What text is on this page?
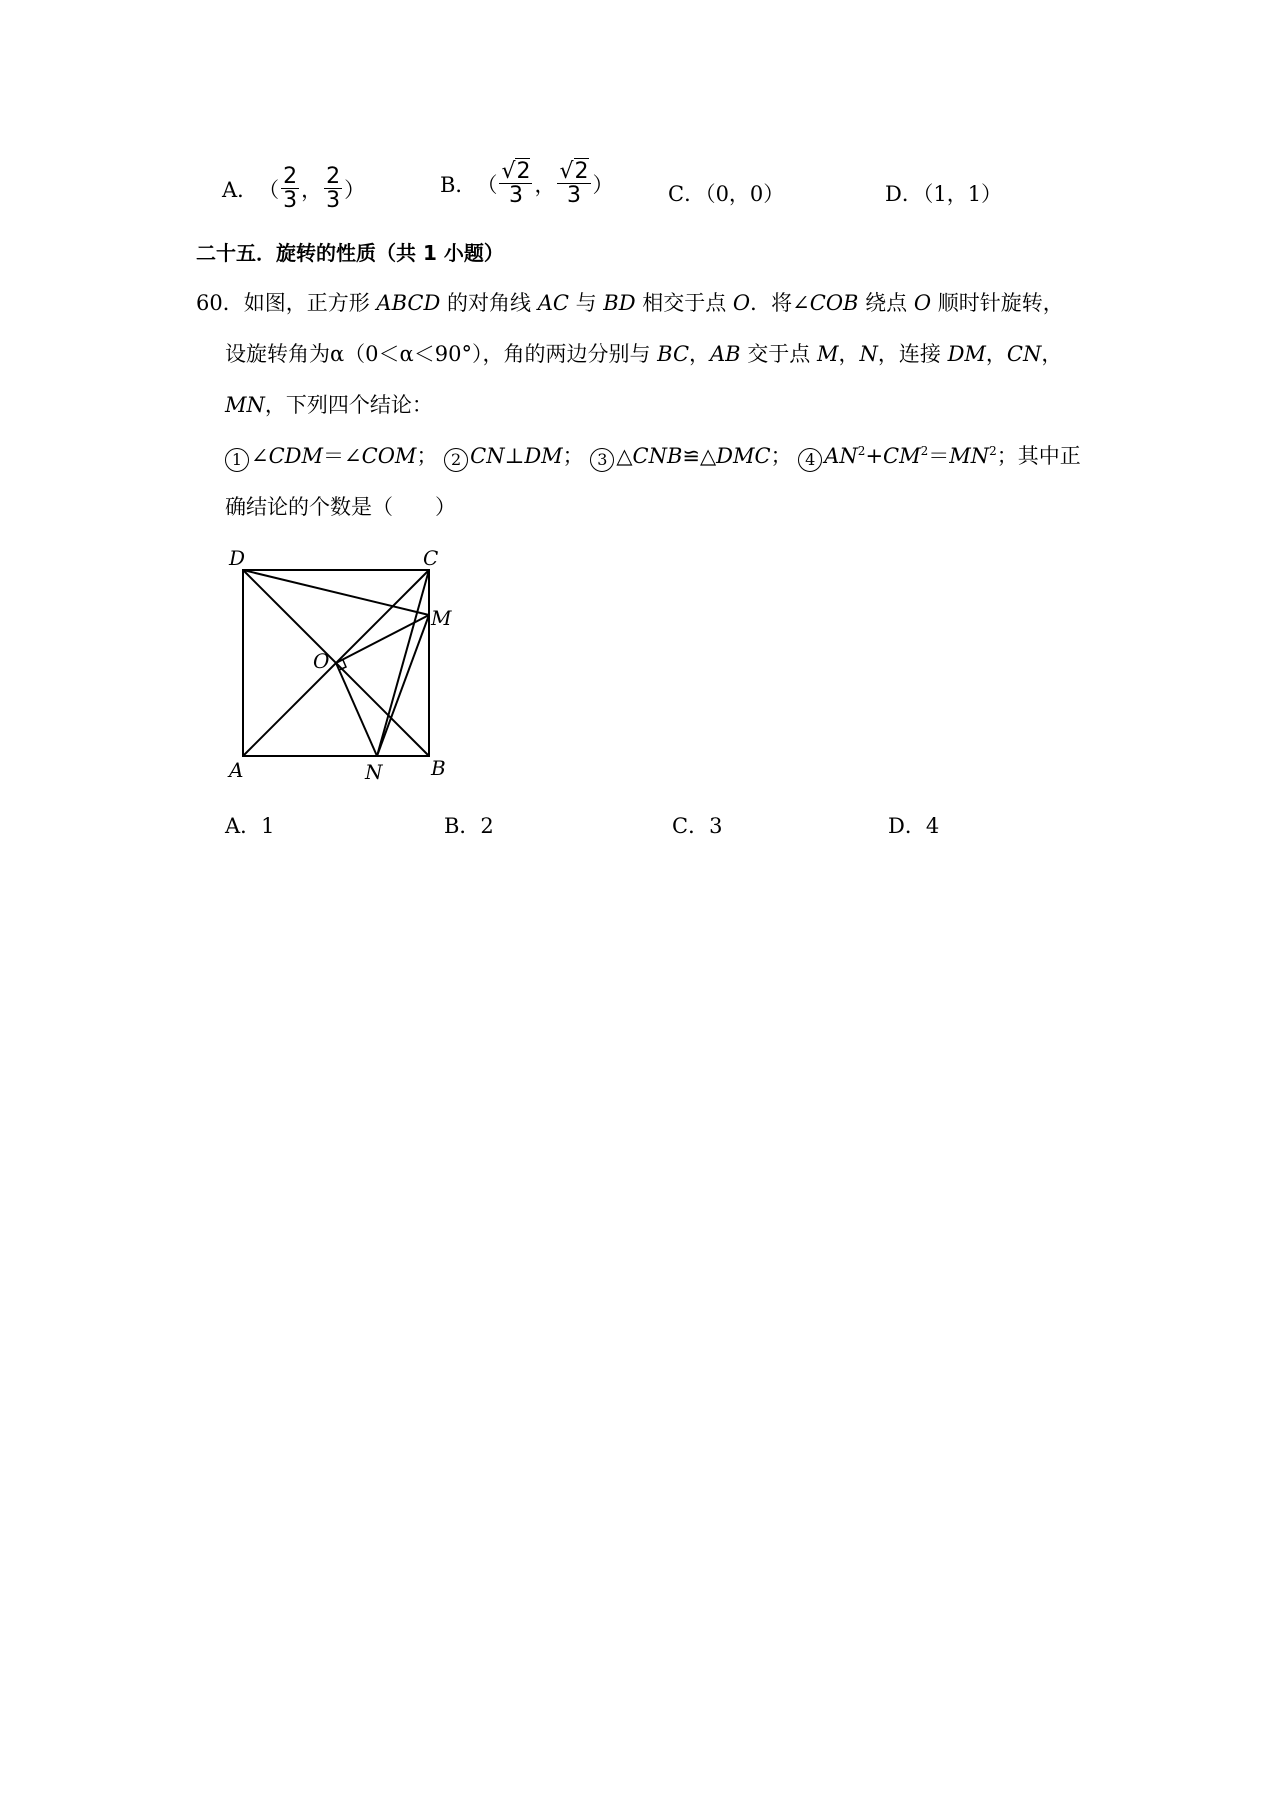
A． （ $\frac{2}{3}$ ， $\frac{2}{3}$ ）	B． （ $\frac{√2}{3}$ ， $\frac{√2}{3}$ ）	C．（0，0）	D．（1，1）
二十五．旋转的性质（共 1 小题）
60．如图，正方形 ABCD 的对角线 AC 与 BD 相交于点 O．将∠COB 绕点 O 顺时针旋转，
设旋转角为α（0＜α＜90°），角的两边分别与 BC，AB 交于点 M，N，连接 DM，CN，
MN，下列四个结论：
1 ∠CDM＝∠COM； 2 CN⊥DM； 3 △CNB≌△DMC； 4 $AN^2+CM^2=MN^2$；其中正
确结论的个数是（　　）
D	C
M
O
A	N B
A．1	B．2	C．3	D．4
